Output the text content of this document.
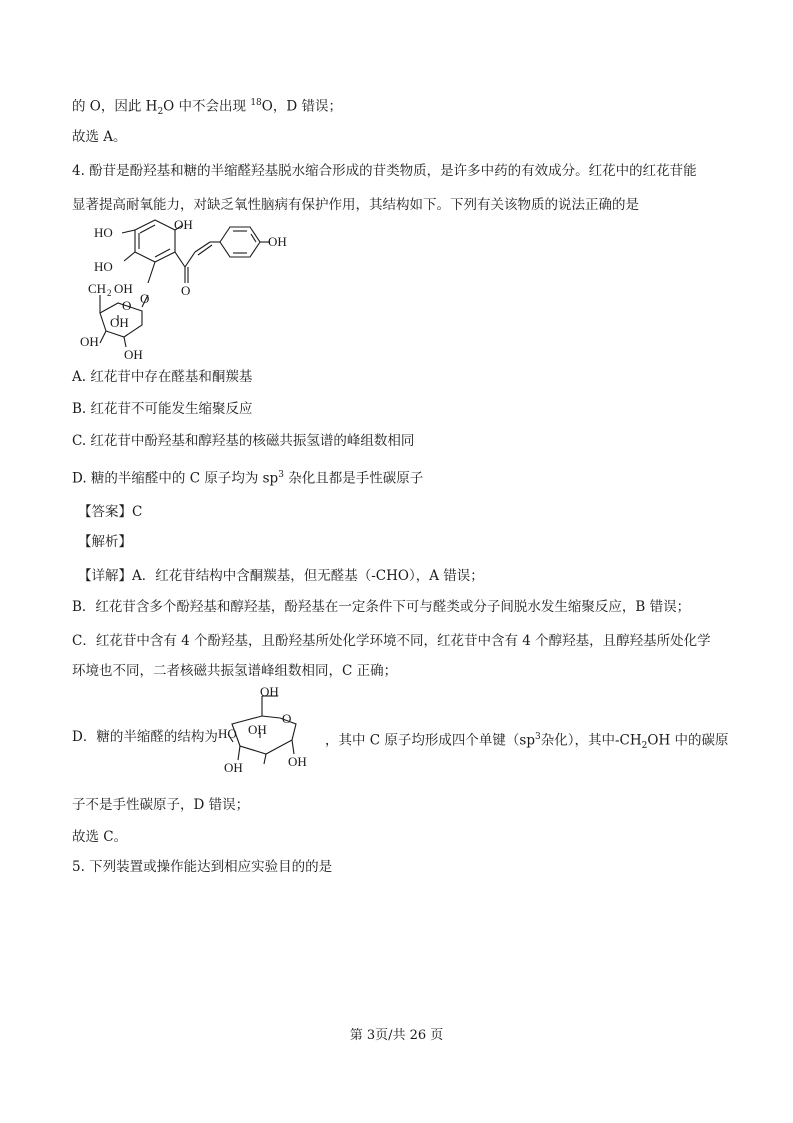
的 O，因此 $H_2O$ 中不会出现 $^{18}$O，D 错误；
故选 A。
4. 酚苷是酚羟基和糖的半缩醛羟基脱水缩合形成的苷类物质，是许多中药的有效成分。红花中的红花苷能
显著提高耐氧能力，对缺乏氧性脑病有保护作用，其结构如下。下列有关该物质的说法正确的是
HO
OH
OH
HO
O
CH 2 OH
O
O
OH
OH
OH
A. 红花苷中存在醛基和酮羰基
B. 红花苷不可能发生缩聚反应
C. 红花苷中酚羟基和醇羟基的核磁共振氢谱的峰组数相同
D. 糖的半缩醛中的 C 原子均为 $sp^3$ 杂化且都是手性碳原子
【答案】C
【解析】
【详解】A．红花苷结构中含酮羰基，但无醛基（-CHO），A 错误；
B．红花苷含多个酚羟基和醇羟基，酚羟基在一定条件下可与醛类或分子间脱水发生缩聚反应，B 错误；
C．红花苷中含有 4 个酚羟基，且酚羟基所处化学环境不同，红花苷中含有 4 个醇羟基，且醇羟基所处化学
环境也不同，二者核磁共振氢谱峰组数相同，C 正确；
D．糖的半缩醛的结构为
OH
O
HO OH
OH	OH
，其中 C 原子均形成四个单键（$sp^3$杂化），其中$-CH_2OH$ 中的碳原
子不是手性碳原子，D 错误；
故选 C。
5. 下列装置或操作能达到相应实验目的的是
第 3页/共 26 页
